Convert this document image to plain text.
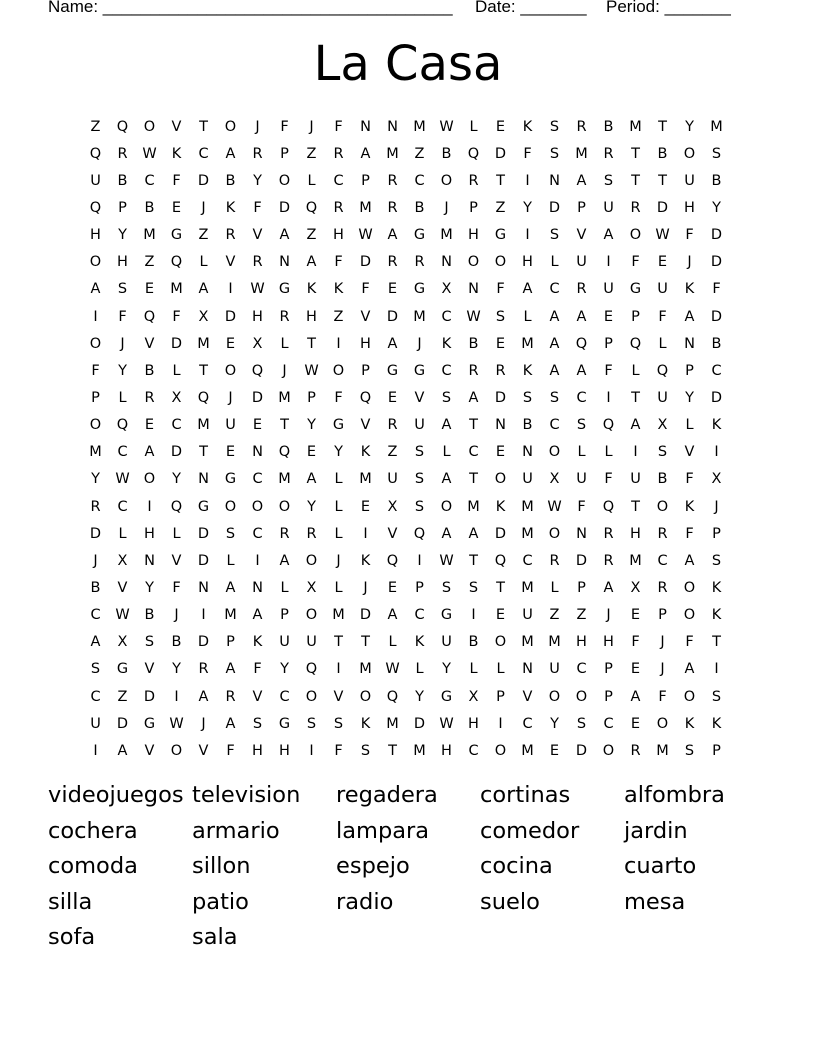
Name: _____________________________________ Date: _______ Period: _______
La Casa
Z	Q	O	V	T	O	J	F	J	F	N	N	M W	L	E	K	S	R	B	M	T	Y	M
Q	R	W	K	C	A	R	P	Z	R	A	M	Z	B	Q	D	F	S	M	R	T	B	O	S
U	B	C	F	D	B	Y	O	L	C	P	R	C	O	R	T	I	N	A	S	T	T	U	B
Q	P	B	E	J	K	F	D	Q	R	M	R	B	J	P	Z	Y	D	P	U	R	D	H	Y
H	Y	M	G	Z	R	V	A	Z	H W	A	G	M	H	G	I	S	V	A	O W	F	D
O	H	Z	Q	L	V	R	N	A	F	D	R	R	N	O	O	H	L	U	I	F	E	J	D
A	S	E	M	A	I	W G	K	K	F	E	G	X	N	F	A	C	R	U	G	U	K	F
I	F	Q	F	X	D	H	R	H	Z	V	D	M	C	W	S	L	A	A	E	P	F	A	D
O	J	V	D	M	E	X	L	T	I	H	A	J	K	B	E	M	A	Q	P	Q	L	N	B
F	Y	B	L	T	O	Q	J	W O	P	G	G	C	R	R	K	A	A	F	L	Q	P	C
P	L	R	X	Q	J	D	M	P	F	Q	E	V	S	A	D	S	S	C	I	T	U	Y	D
O	Q	E	C	M	U	E	T	Y	G	V	R	U	A	T	N	B	C	S	Q	A	X	L	K
M	C	A	D	T	E	N	Q	E	Y	K	Z	S	L	C	E	N	O	L	L	I	S	V	I
Y	W O	Y	N	G	C	M	A	L	M	U	S	A	T	O	U	X	U	F	U	B	F	X
R	C	I	Q	G	O	O	O	Y	L	E	X	S	O	M	K	M W	F	Q	T	O	K	J
D	L	H	L	D	S	C	R	R	L	I	V	Q	A	A	D	M	O	N	R	H	R	F	P
J	X	N	V	D	L	I	A	O	J	K	Q	I	W	T	Q	C	R	D	R	M	C	A	S
B	V	Y	F	N	A	N	L	X	L	J	E	P	S	S	T	M	L	P	A	X	R	O	K
C	W	B	J	I	M	A	P	O	M	D	A	C	G	I	E	U	Z	Z	J	E	P	O	K
A	X	S	B	D	P	K	U	U	T	T	L	K	U	B	O	M M	H	H	F	J	F	T
S	G	V	Y	R	A	F	Y	Q	I	M W	L	Y	L	L	N	U	C	P	E	J	A	I
C	Z	D	I	A	R	V	C	O	V	O	Q	Y	G	X	P	V	O	O	P	A	F	O	S
U	D	G W	J	A	S	G	S	S	K	M	D W H	I	C	Y	S	C	E	O	K	K
I	A	V	O	V	F	H	H	I	F	S	T	M	H	C	O	M	E	D	O	R	M	S	P
videojuegos television	regadera	cortinas	alfombra
cochera	armario	lampara	comedor	jardin
comoda	sillon	espejo	cocina	cuarto
silla	patio	radio	suelo	mesa
sofa	sala
